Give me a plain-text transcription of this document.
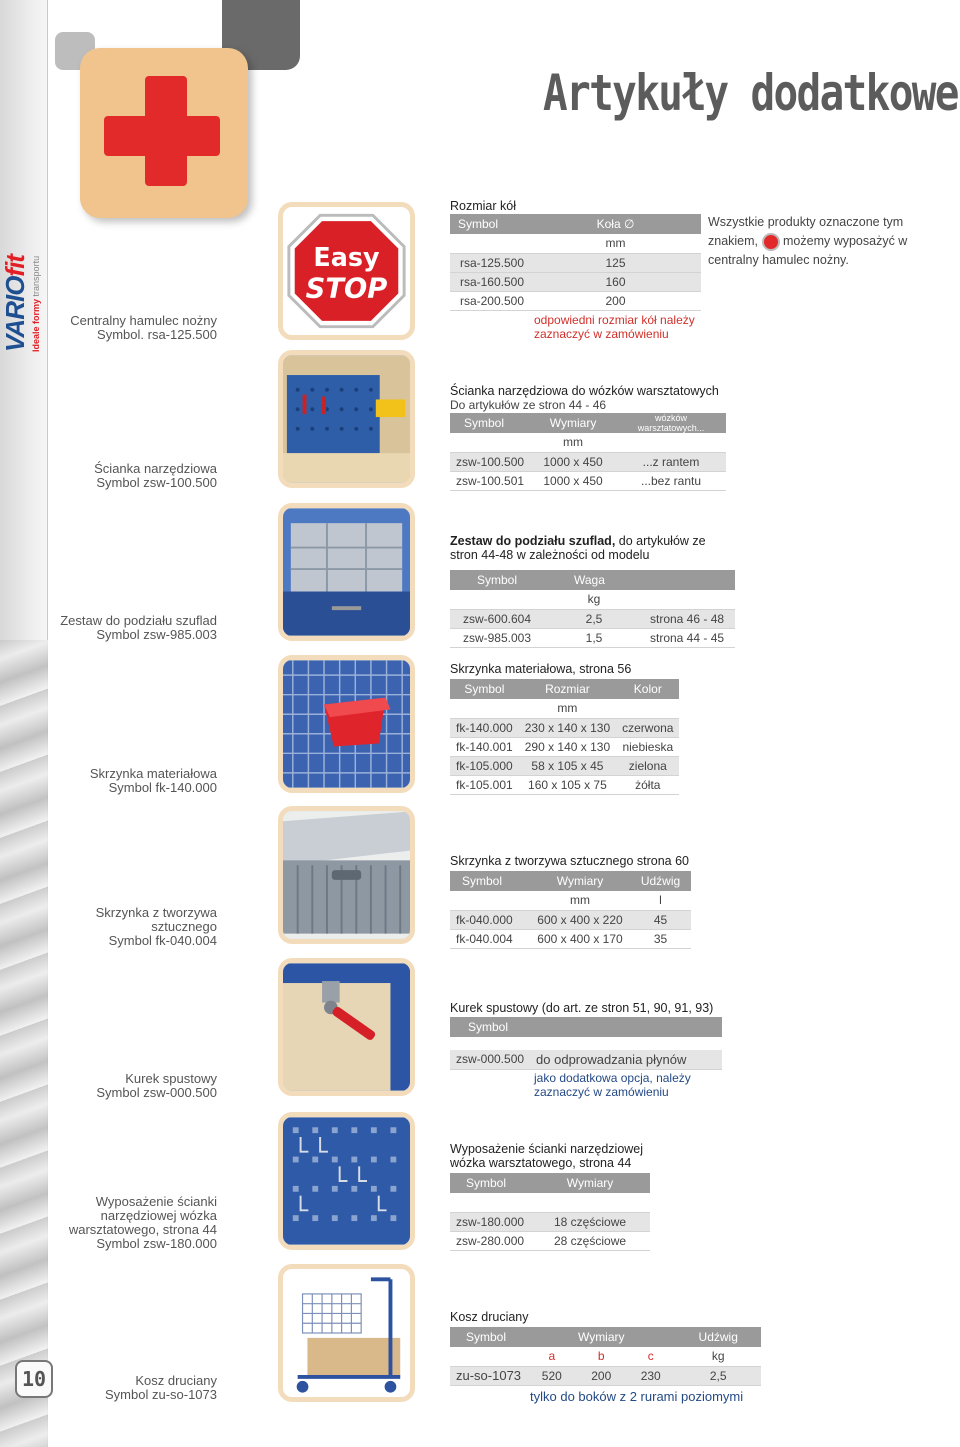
VARIOfit
Ideale formy transportu
Artykuły dodatkowe
10
Centralny hamulec nożny
Symbol. rsa-125.500
Easy
STOP
Rozmiar kół
Symbol	Koła ∅
	mm
rsa-125.500	125
rsa-160.500	160
rsa-200.500	200
odpowiedni rozmiar kół należy zaznaczyć w zamówieniu
Wszystkie produkty oznaczone tym znakiem, możemy wyposażyć w centralny hamulec nożny.
Ścianka narzędziowa
Symbol zsw-100.500
Ścianka narzędziowa do wózków warsztatowych
Do artykułów ze stron 44 - 46
Symbol	Wymiary	wózków warsztatowych...
	mm	
zsw-100.500	1000 x 450	...z rantem
zsw-100.501	1000 x 450	...bez rantu
Zestaw do podziału szuflad
Symbol zsw-985.003
Zestaw do podziału szuflad, do artykułów ze stron 44-48 w zależności od modelu
Symbol	Waga	
	kg	
zsw-600.604	2,5	strona 46 - 48
zsw-985.003	1,5	strona 44 - 45
Skrzynka materiałowa
Symbol fk-140.000
Skrzynka materiałowa, strona 56
Symbol	Rozmiar	Kolor
	mm	
fk-140.000	230 x 140 x 130	czerwona
fk-140.001	290 x 140 x 130	niebieska
fk-105.000	58 x 105 x 45	zielona
fk-105.001	160 x 105 x 75	żółta
Skrzynka z tworzywa
sztucznego
Symbol fk-040.004
Skrzynka z tworzywa sztucznego strona 60
Symbol	Wymiary	Udźwig
	mm	l
fk-040.000	600 x 400 x 220	45
fk-040.004	600 x 400 x 170	35
Kurek spustowy
Symbol zsw-000.500
Kurek spustowy (do art. ze stron 51, 90, 91, 93)
Symbol	

zsw-000.500	do odprowadzania płynów
jako dodatkowa opcja, należy zaznaczyć w zamówieniu
Wyposażenie ścianki
narzędziowej wózka
warsztatowego, strona 44
Symbol zsw-180.000
Wyposażenie ścianki narzędziowej wózka warsztatowego, strona 44
Symbol	Wymiary

zsw-180.000	18 częściowe
zsw-280.000	28 częściowe
Kosz druciany
Symbol zu-so-1073
Kosz druciany
Symbol	Wymiary			Udźwig
	a	b	c	kg
zu-so-1073	520	200	230	2,5
tylko do boków z 2 rurami poziomymi
